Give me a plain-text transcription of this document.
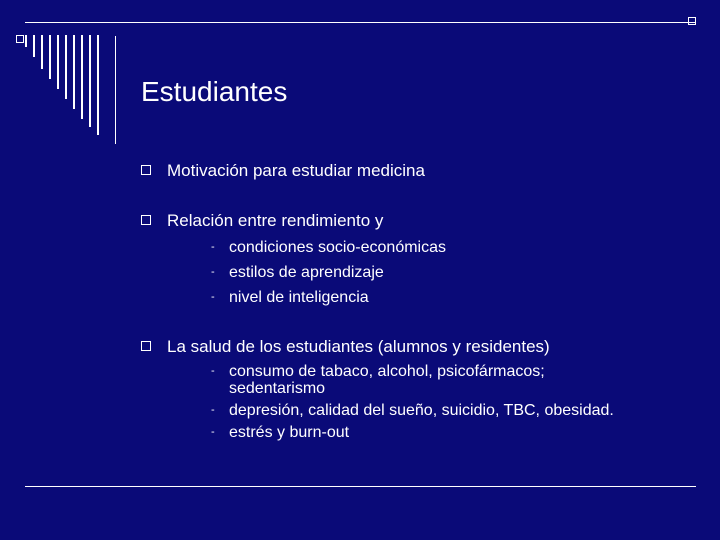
Estudiantes
Motivación para estudiar medicina
Relación entre rendimiento y
- condiciones socio-económicas
- estilos de aprendizaje
- nivel de inteligencia
La salud de los estudiantes (alumnos y residentes)
- consumo de tabaco, alcohol, psicofármacos;
sedentarismo
- depresión, calidad del sueño, suicidio, TBC, obesidad.
- estrés y burn-out
